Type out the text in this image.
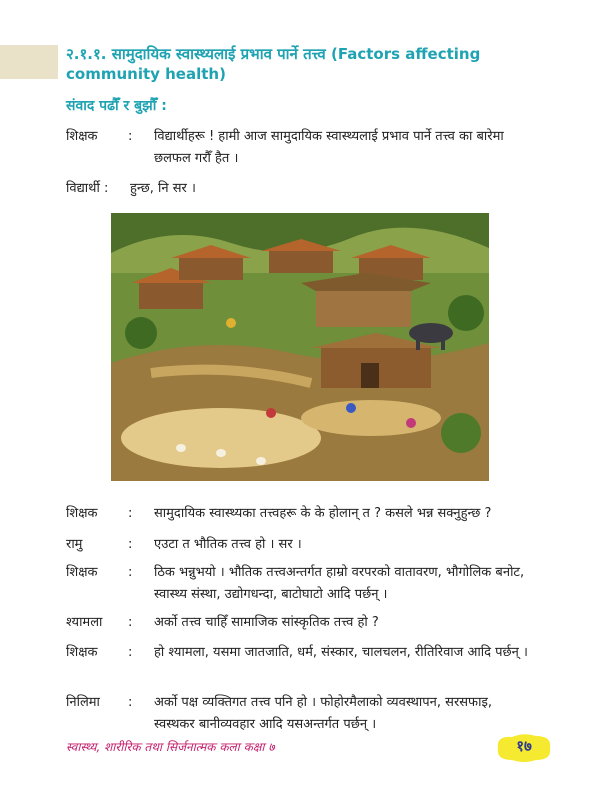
२.१.१. सामुदायिक स्वास्थ्यलाई प्रभाव पार्ने तत्त्व (Factors affecting community health)
संवाद पढौँ र बुझौँ :
शिक्षक	: विद्यार्थीहरू ! हामी आज सामुदायिक स्वास्थ्यलाई प्रभाव पार्ने तत्त्व का बारेमा छलफल गरौँ हैत ।
विद्यार्थी :	हुन्छ, नि सर ।
शिक्षक	: सामुदायिक स्वास्थ्यका तत्त्वहरू के के होलान् त ? कसले भन्न सक्नुहुन्छ ?
रामु	: एउटा त भौतिक तत्त्व हो । सर ।
शिक्षक	: ठिक भन्नुभयो । भौतिक तत्त्वअन्तर्गत हाम्रो वरपरको वातावरण, भौगोलिक बनोट, स्वास्थ्य संस्था, उद्योगधन्दा, बाटोघाटो आदि पर्छन् ।
श्यामला	: अर्को तत्त्व चाहिँ सामाजिक सांस्कृतिक तत्त्व हो ?
शिक्षक	: हो श्यामला, यसमा जातजाति, धर्म, संस्कार, चालचलन, रीतिरिवाज आदि पर्छन् ।
निलिमा	: अर्को पक्ष व्यक्तिगत तत्त्व पनि हो । फोहोरमैलाको व्यवस्थापन, सरसफाइ, स्वस्थकर बानीव्यवहार आदि यसअन्तर्गत पर्छन् ।
स्वास्थ्य, शारीरिक तथा सिर्जनात्मक कला कक्षा ७	१७
